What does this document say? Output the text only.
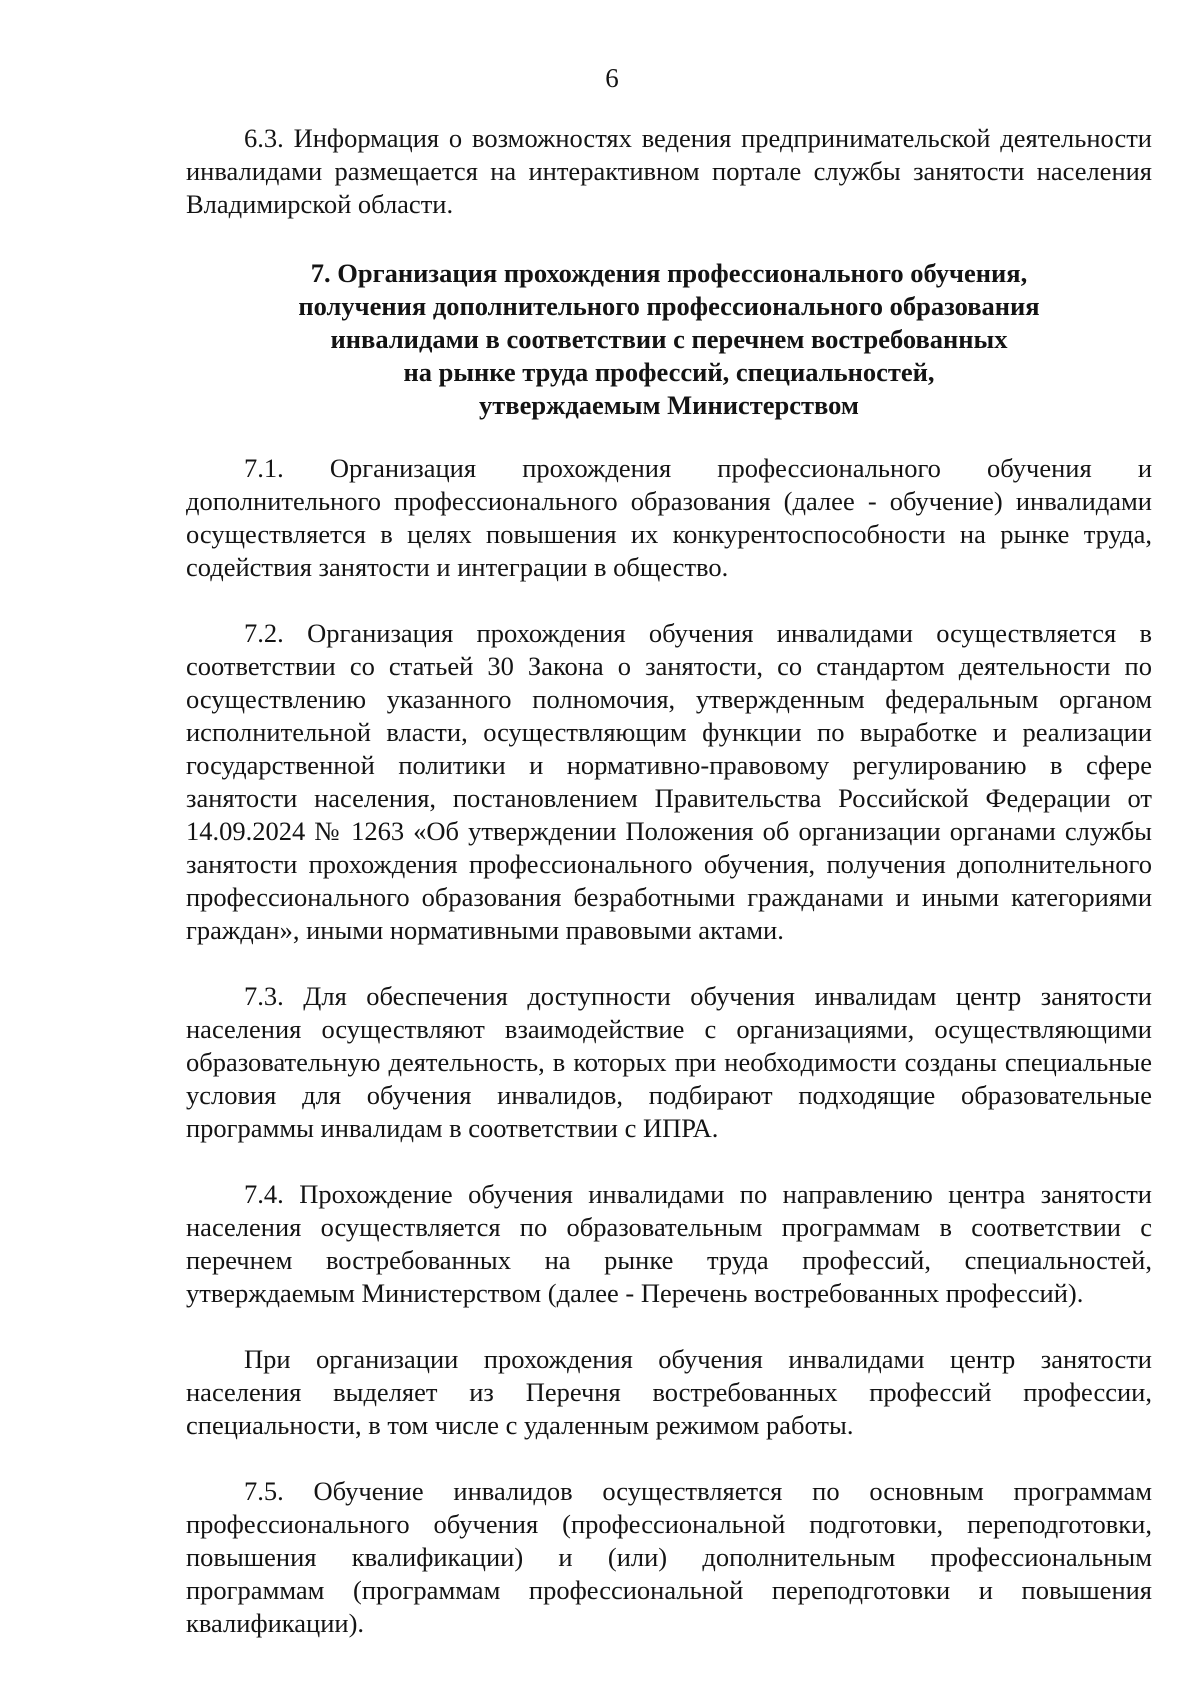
6

6.3. Информация о возможностях ведения предпринимательской деятельности инвалидами размещается на интерактивном портале службы занятости населения Владимирской области.

7. Организация прохождения профессионального обучения,
получения дополнительного профессионального образования
инвалидами в соответствии с перечнем востребованных
на рынке труда профессий, специальностей,
утверждаемым Министерством

7.1. Организация прохождения профессионального обучения и дополнительного профессионального образования (далее - обучение) инвалидами осуществляется в целях повышения их конкурентоспособности на рынке труда, содействия занятости и интеграции в общество.

7.2. Организация прохождения обучения инвалидами осуществляется в соответствии со статьей 30 Закона о занятости, со стандартом деятельности по осуществлению указанного полномочия, утвержденным федеральным органом исполнительной власти, осуществляющим функции по выработке и реализации государственной политики и нормативно-правовому регулированию в сфере занятости населения, постановлением Правительства Российской Федерации от 14.09.2024 № 1263 «Об утверждении Положения об организации органами службы занятости прохождения профессионального обучения, получения дополнительного профессионального образования безработными гражданами и иными категориями граждан», иными нормативными правовыми актами.

7.3. Для обеспечения доступности обучения инвалидам центр занятости населения осуществляют взаимодействие с организациями, осуществляющими образовательную деятельность, в которых при необходимости созданы специальные условия для обучения инвалидов, подбирают подходящие образовательные программы инвалидам в соответствии с ИПРА.

7.4. Прохождение обучения инвалидами по направлению центра занятости населения осуществляется по образовательным программам в соответствии с перечнем востребованных на рынке труда профессий, специальностей, утверждаемым Министерством (далее - Перечень востребованных профессий).

При организации прохождения обучения инвалидами центр занятости населения выделяет из Перечня востребованных профессий профессии, специальности, в том числе с удаленным режимом работы.

7.5. Обучение инвалидов осуществляется по основным программам профессионального обучения (профессиональной подготовки, переподготовки, повышения квалификации) и (или) дополнительным профессиональным программам (программам профессиональной переподготовки и повышения квалификации).
